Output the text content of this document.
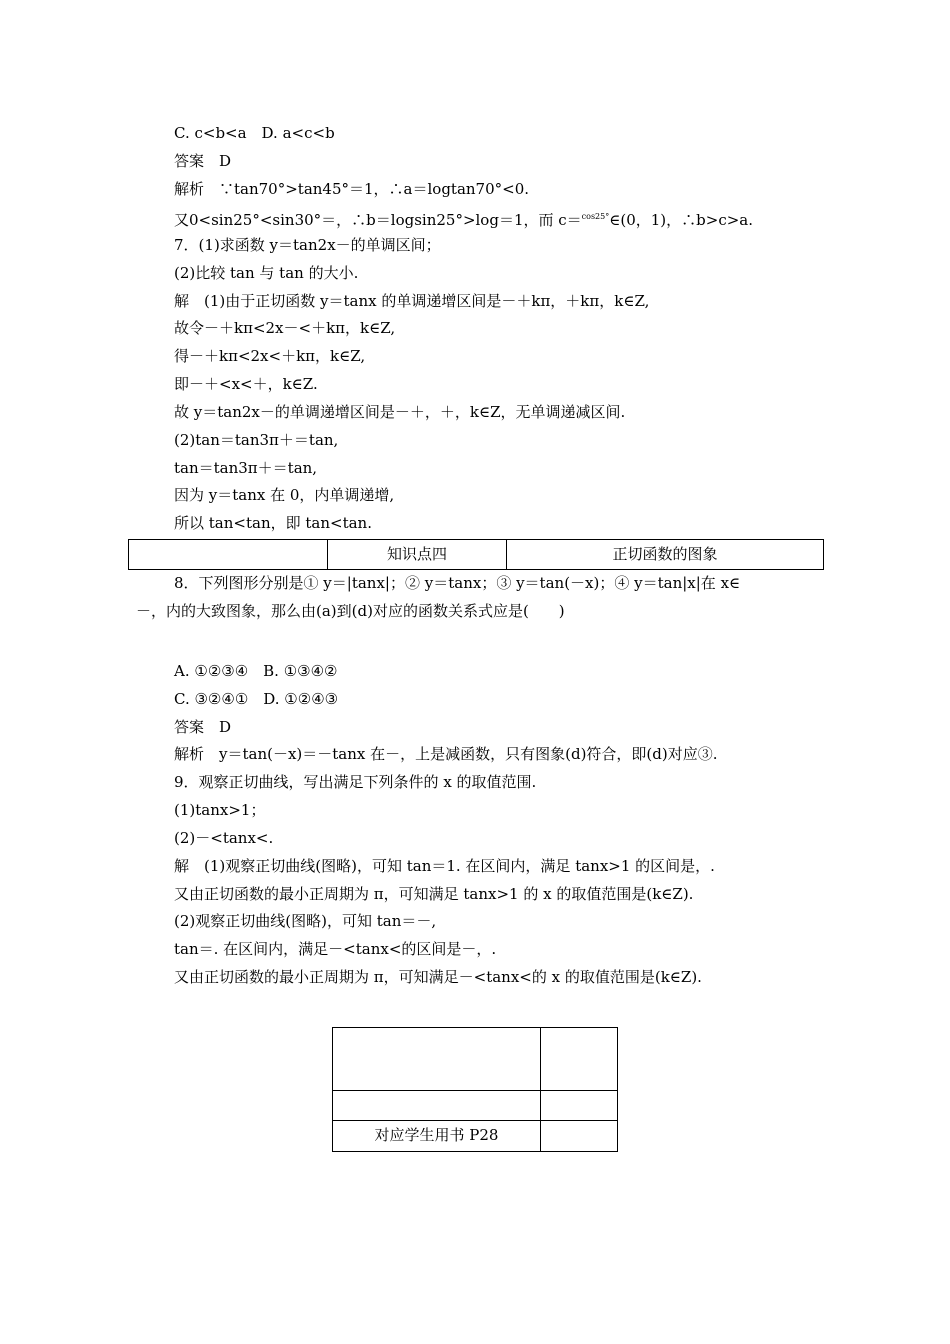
C. c<b<a　D. a<c<b
答案　D
解析　∵tan70°>tan45°＝1，∴a＝logtan70°<0.
又0<sin25°<sin30°＝，∴b＝logsin25°>log＝1，而 c＝$^{cos25^\circ}$∈(0，1)，∴b>c>a.
7．(1)求函数 y＝tan2x－的单调区间；
(2)比较 tan 与 tan 的大小.
解　(1)由于正切函数 y＝tanx 的单调递增区间是－＋kπ，＋kπ，k∈Z,
故令－＋kπ<2x－<＋kπ，k∈Z,
得－＋kπ<2x<＋kπ，k∈Z,
即－＋<x<＋，k∈Z.
故 y＝tan2x－的单调递增区间是－＋，＋，k∈Z，无单调递减区间.
(2)tan＝tan3π＋＝tan,
tan＝tan3π＋＝tan,
因为 y＝tanx 在 0，内单调递增,
所以 tan<tan，即 tan<tan.
知识点四	正切函数的图象
8．下列图形分别是① y＝|tanx|；② y＝tanx；③ y＝tan(－x)；④ y＝tan|x|在 x∈
－，内的大致图象，那么由(a)到(d)对应的函数关系式应是(　　)
A. ①②③④　B. ①③④②
C. ③②④①　D. ①②④③
答案　D
解析　y＝tan(－x)＝－tanx 在－，上是减函数，只有图象(d)符合，即(d)对应③.
9．观察正切曲线，写出满足下列条件的 x 的取值范围.
(1)tanx>1；
(2)－<tanx<.
解　(1)观察正切曲线(图略)，可知 tan＝1. 在区间内，满足 tanx>1 的区间是，.
又由正切函数的最小正周期为 π，可知满足 tanx>1 的 x 的取值范围是(k∈Z).
(2)观察正切曲线(图略)，可知 tan＝－,
tan＝. 在区间内，满足－<tanx<的区间是－，.
又由正切函数的最小正周期为 π，可知满足－<tanx<的 x 的取值范围是(k∈Z).
对应学生用书 P28
